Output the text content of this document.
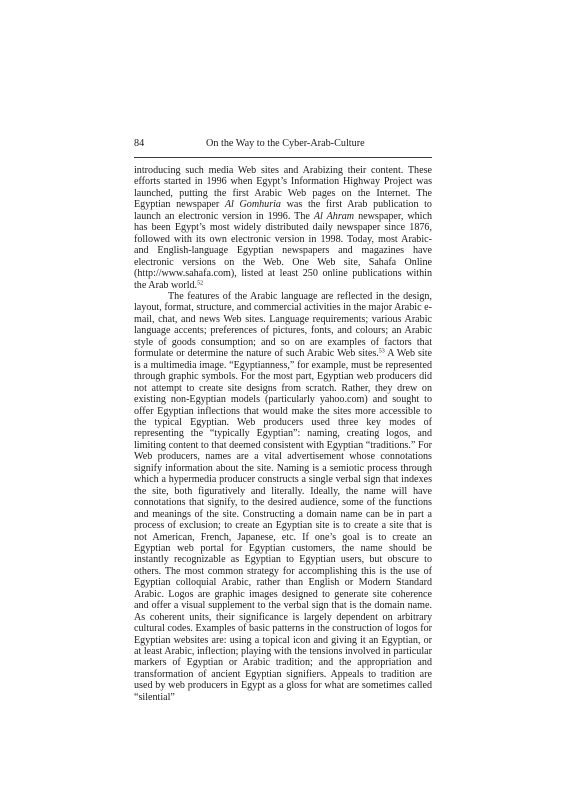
84	On the Way to the Cyber-Arab-Culture

introducing such media Web sites and Arabizing their content. These efforts started in 1996 when Egypt’s Information Highway Project was launched, putting the first Arabic Web pages on the Internet. The Egyptian newspaper Al Gomhuria was the first Arab publication to launch an electronic version in 1996. The Al Ahram newspaper, which has been Egypt’s most widely distributed daily newspaper since 1876, followed with its own electronic version in 1998. Today, most Arabic- and English-language Egyptian newspapers and magazines have electronic versions on the Web. One Web site, Sahafa Online (http://www.sahafa.com), listed at least 250 online publications within the Arab world.$^{52}$

The features of the Arabic language are reflected in the design, layout, format, structure, and commercial activities in the major Arabic e-mail, chat, and news Web sites. Language requirements; various Arabic language accents; preferences of pictures, fonts, and colours; an Arabic style of goods consumption; and so on are examples of factors that formulate or determine the nature of such Arabic Web sites.$^{53}$ A Web site is a multimedia image. “Egyptianness,” for example, must be represented through graphic symbols. For the most part, Egyptian web producers did not attempt to create site designs from scratch. Rather, they drew on existing non-Egyptian models (particularly yahoo.com) and sought to offer Egyptian inflections that would make the sites more accessible to the typical Egyptian. Web producers used three key modes of representing the “typically Egyptian”: naming, creating logos, and limiting content to that deemed consistent with Egyptian “traditions.” For Web producers, names are a vital advertisement whose connotations signify information about the site. Naming is a semiotic process through which a hypermedia producer constructs a single verbal sign that indexes the site, both figuratively and literally. Ideally, the name will have connotations that signify, to the desired audience, some of the functions and meanings of the site. Constructing a domain name can be in part a process of exclusion; to create an Egyptian site is to create a site that is not American, French, Japanese, etc. If one’s goal is to create an Egyptian web portal for Egyptian customers, the name should be instantly recognizable as Egyptian to Egyptian users, but obscure to others. The most common strategy for accomplishing this is the use of Egyptian colloquial Arabic, rather than English or Modern Standard Arabic. Logos are graphic images designed to generate site coherence and offer a visual supplement to the verbal sign that is the domain name. As coherent units, their significance is largely dependent on arbitrary cultural codes. Examples of basic patterns in the construction of logos for Egyptian websites are: using a topical icon and giving it an Egyptian, or at least Arabic, inflection; playing with the tensions involved in particular markers of Egyptian or Arabic tradition; and the appropriation and transformation of ancient Egyptian signifiers. Appeals to tradition are used by web producers in Egypt as a gloss for what are sometimes called “silential”
